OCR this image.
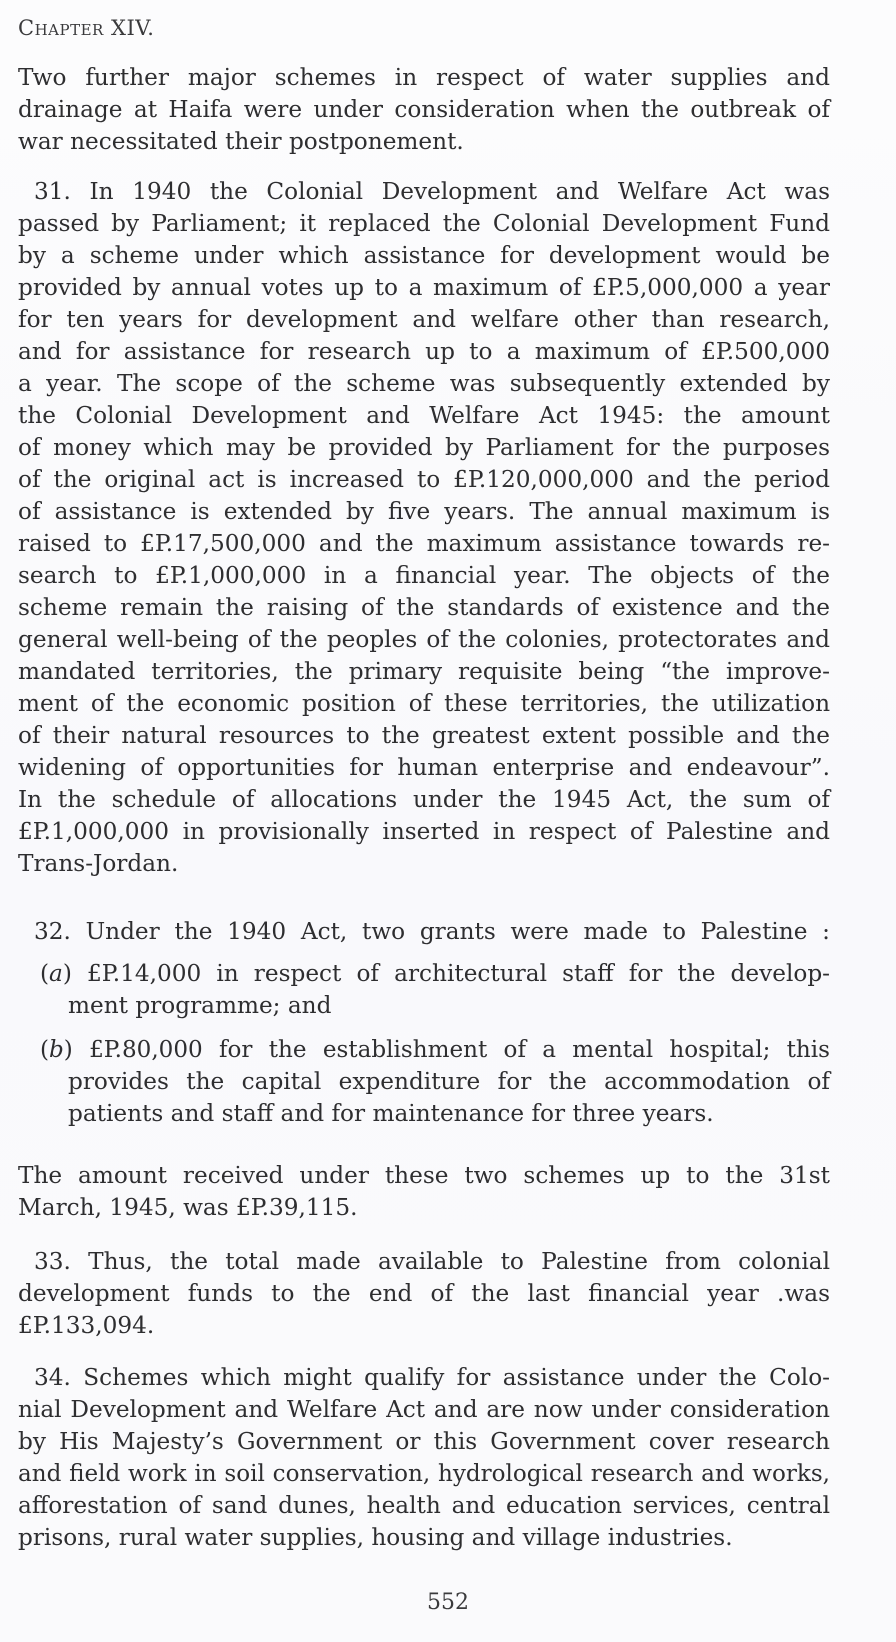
Chapter XIV.
Two further major schemes in respect of water supplies and
drainage at Haifa were under consideration when the outbreak of
war necessitated their postponement.
31. In 1940 the Colonial Development and Welfare Act was
passed by Parliament; it replaced the Colonial Development Fund
by a scheme under which assistance for development would be
provided by annual votes up to a maximum of £P.5,000,000 a year
for ten years for development and welfare other than research,
and for assistance for research up to a maximum of £P.500,000
a year. The scope of the scheme was subsequently extended by
the Colonial Development and Welfare Act 1945: the amount
of money which may be provided by Parliament for the purposes
of the original act is increased to £P.120,000,000 and the period
of assistance is extended by five years. The annual maximum is
raised to £P.17,500,000 and the maximum assistance towards re-
search to £P.1,000,000 in a financial year. The objects of the
scheme remain the raising of the standards of existence and the
general well-being of the peoples of the colonies, protectorates and
mandated territories, the primary requisite being “the improve-
ment of the economic position of these territories, the utilization
of their natural resources to the greatest extent possible and the
widening of opportunities for human enterprise and endeavour”.
In the schedule of allocations under the 1945 Act, the sum of
£P.1,000,000 in provisionally inserted in respect of Palestine and
Trans-Jordan.
32. Under the 1940 Act, two grants were made to Palestine :
(a) £P.14,000 in respect of architectural staff for the develop-
ment programme; and
(b) £P.80,000 for the establishment of a mental hospital; this
provides the capital expenditure for the accommodation of
patients and staff and for maintenance for three years.
The amount received under these two schemes up to the 31st
March, 1945, was £P.39,115.
33. Thus, the total made available to Palestine from colonial
development funds to the end of the last financial year .was
£P.133,094.
34. Schemes which might qualify for assistance under the Colo-
nial Development and Welfare Act and are now under consideration
by His Majesty’s Government or this Government cover research
and field work in soil conservation, hydrological research and works,
afforestation of sand dunes, health and education services, central
prisons, rural water supplies, housing and village industries.
552
